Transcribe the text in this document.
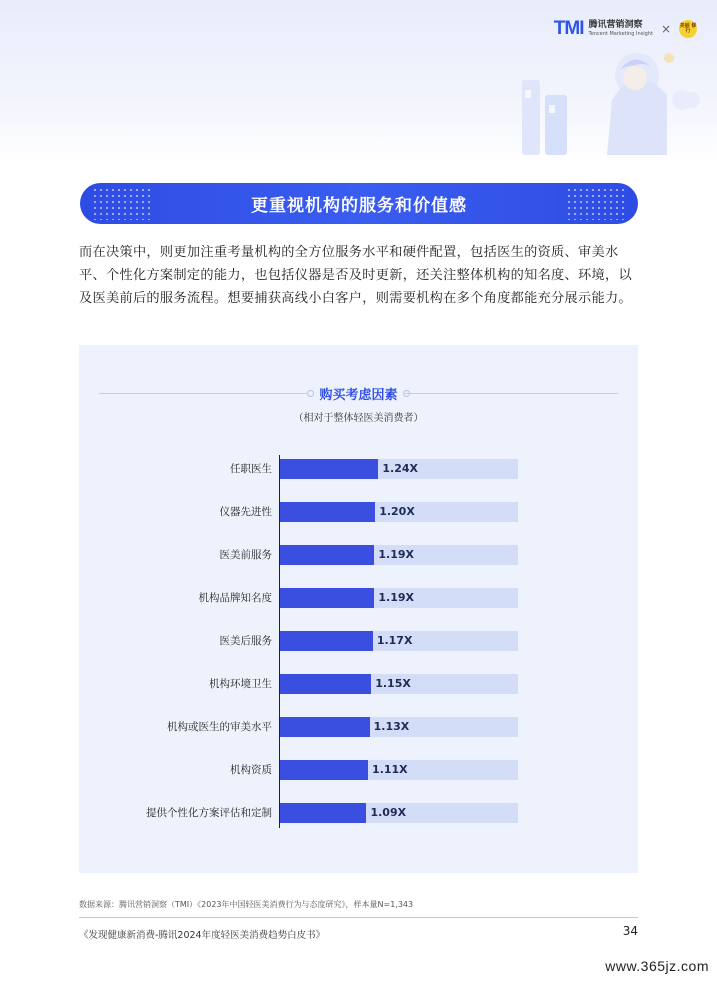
TMI 腾讯营销洞察
Tencent Marketing Insight × 美丽 修行
更重视机构的服务和价值感

而在决策中，则更加注重考量机构的全方位服务水平和硬件配置，包括医生的资质、审美水平、个性化方案制定的能力，也包括仪器是否及时更新，还关注整体机构的知名度、环境，以及医美前后的服务流程。想要捕获高线小白客户，则需要机构在多个角度都能充分展示能力。

购买考虑因素
（相对于整体轻医美消费者）
任职医生	1.24X
仪器先进性	1.20X
医美前服务	1.19X
机构品牌知名度	1.19X
医美后服务	1.17X
机构环境卫生	1.15X
机构或医生的审美水平	1.13X
机构资质	1.11X
提供个性化方案评估和定制	1.09X
数据来源：腾讯营销洞察（TMI）《2023年中国轻医美消费行为与态度研究》，样本量N=1,343
《发现健康新消费-腾讯2024年度轻医美消费趋势白皮书》	34
www.365jz.com
